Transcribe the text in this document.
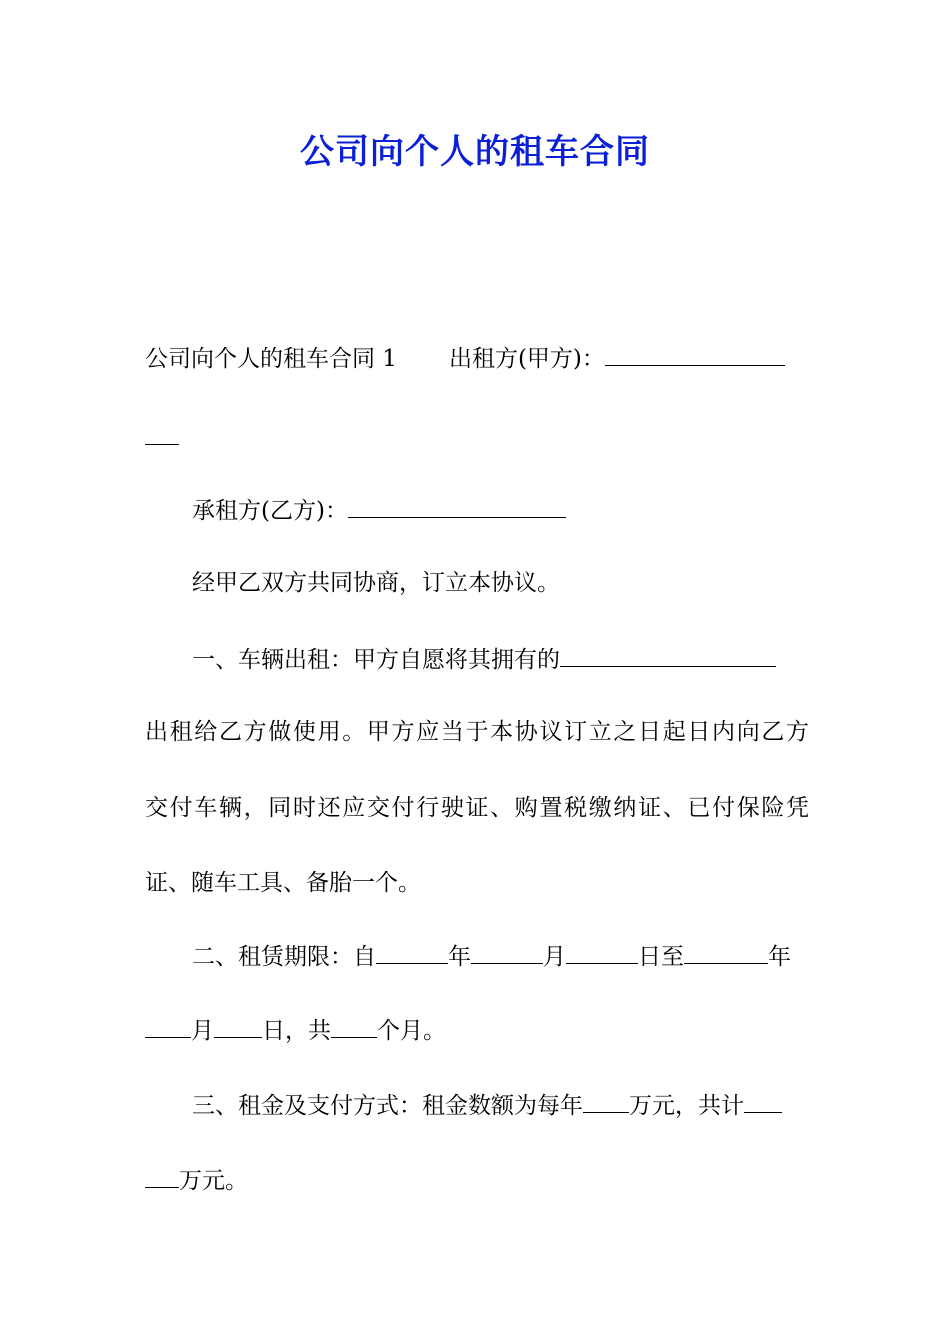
公司向个人的租车合同

公司向个人的租车合同 1 出租方(甲方)：

承租方(乙方)：

经甲乙双方共同协商，订立本协议。

一、车辆出租：甲方自愿将其拥有的

出租给乙方做使用。甲方应当于本协议订立之日起日内向乙方

交付车辆，同时还应交付行驶证、购置税缴纳证、已付保险凭

证、随车工具、备胎一个。

二、租赁期限：自	年	月	日至	年

月 日，共 个月。

三、租金及支付方式：租金数额为每年 万元，共计

万元。
